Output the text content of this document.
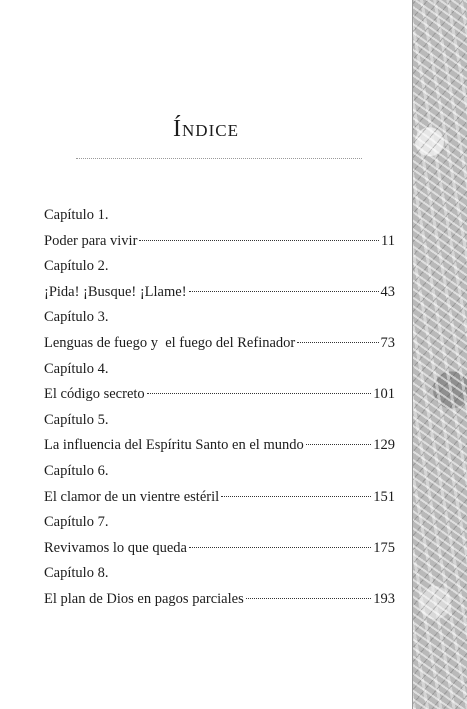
Índice
Capítulo 1.
Poder para vivir	11
Capítulo 2.
¡Pida! ¡Busque! ¡Llame!	43
Capítulo 3.
Lenguas de fuego y  el fuego del Refinador	73
Capítulo 4.
El código secreto	101
Capítulo 5.
La influencia del Espíritu Santo en el mundo	129
Capítulo 6.
El clamor de un vientre estéril	151
Capítulo 7.
Revivamos lo que queda	175
Capítulo 8.
El plan de Dios en pagos parciales	193
